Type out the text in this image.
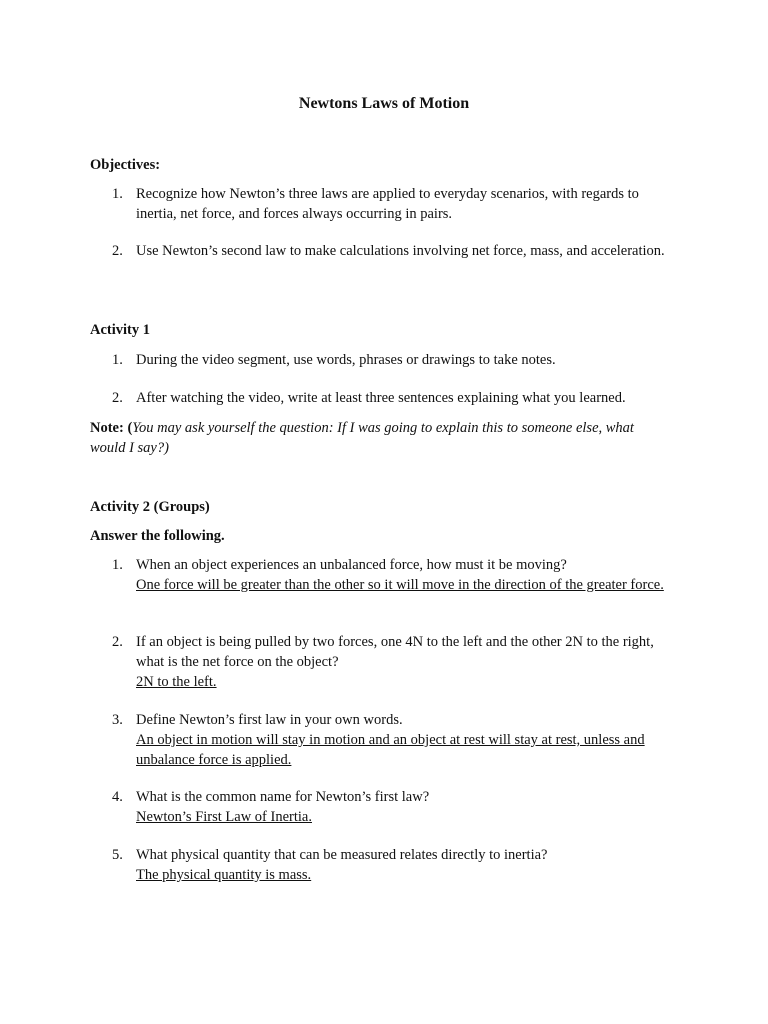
Newtons Laws of Motion
Objectives:
1. Recognize how Newton’s three laws are applied to everyday scenarios, with regards to inertia, net force, and forces always occurring in pairs.
2. Use Newton’s second law to make calculations involving net force, mass, and acceleration.
Activity 1
1. During the video segment, use words, phrases or drawings to take notes.
2. After watching the video, write at least three sentences explaining what you learned.
Note: (You may ask yourself the question: If I was going to explain this to someone else, what would I say?)
Activity 2 (Groups)
Answer the following.
1. When an object experiences an unbalanced force, how must it be moving?
One force will be greater than the other so it will move in the direction of the greater force.
2. If an object is being pulled by two forces, one 4N to the left and the other 2N to the right, what is the net force on the object?
2N to the left.
3. Define Newton’s first law in your own words.
An object in motion will stay in motion and an object at rest will stay at rest, unless and unbalance force is applied.
4. What is the common name for Newton’s first law?
Newton’s First Law of Inertia.
5. What physical quantity that can be measured relates directly to inertia?
The physical quantity is mass.
